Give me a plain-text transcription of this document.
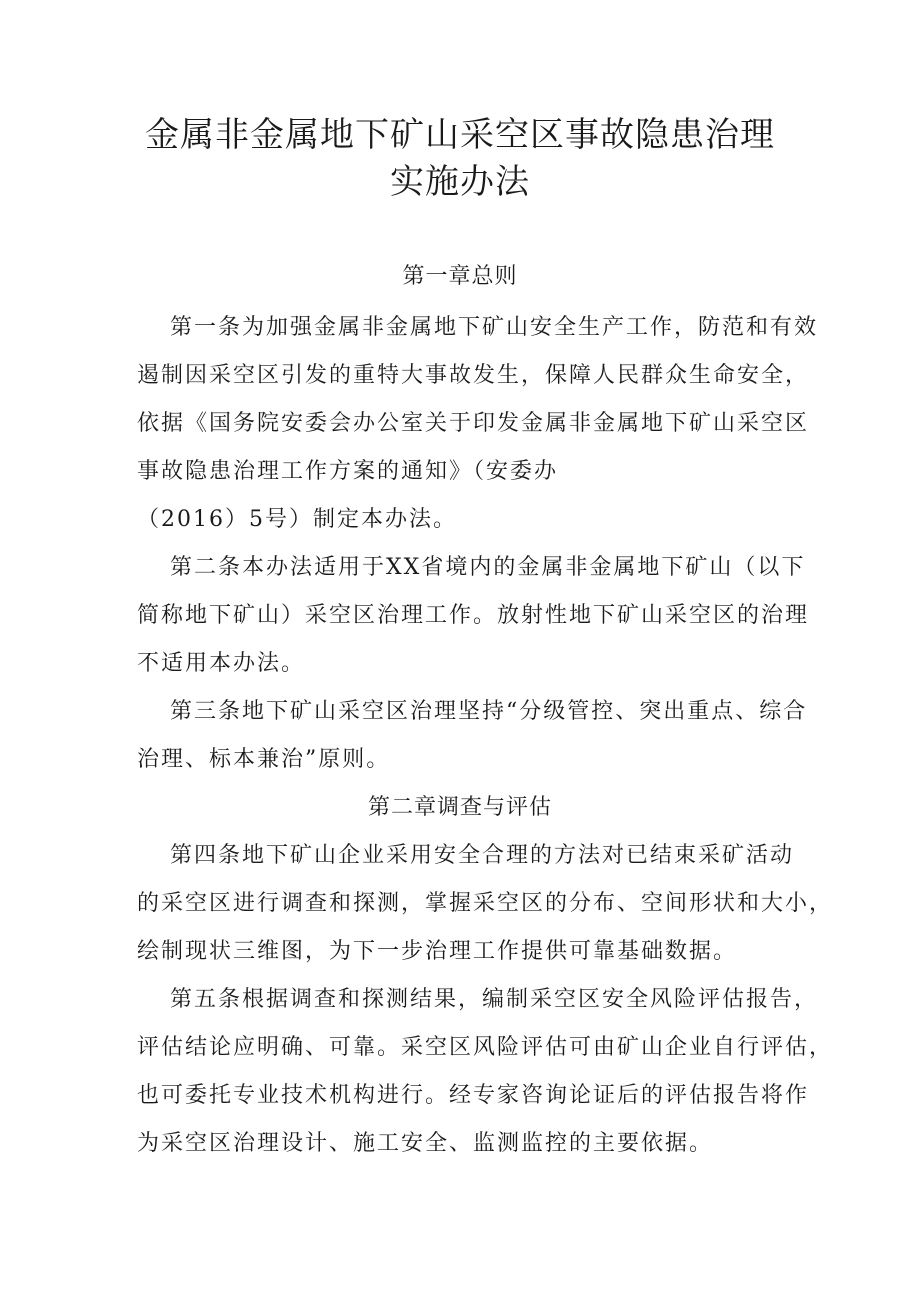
金属非金属地下矿山采空区事故隐患治理
实施办法
第一章总则
第一条为加强金属非金属地下矿山安全生产工作，防范和有效
遏制因采空区引发的重特大事故发生，保障人民群众生命安全，
依据《国务院安委会办公室关于印发金属非金属地下矿山采空区
事故隐患治理工作方案的通知》（安委办
（2016）5号）制定本办法。
第二条本办法适用于XX省境内的金属非金属地下矿山（以下
简称地下矿山）采空区治理工作。放射性地下矿山采空区的治理
不适用本办法。
第三条地下矿山采空区治理坚持“分级管控、突出重点、综合
治理、标本兼治”原则。
第二章调查与评估
第四条地下矿山企业采用安全合理的方法对已结束采矿活动
的采空区进行调查和探测，掌握采空区的分布、空间形状和大小，
绘制现状三维图，为下一步治理工作提供可靠基础数据。
第五条根据调查和探测结果，编制采空区安全风险评估报告，
评估结论应明确、可靠。采空区风险评估可由矿山企业自行评估，
也可委托专业技术机构进行。经专家咨询论证后的评估报告将作
为采空区治理设计、施工安全、监测监控的主要依据。
